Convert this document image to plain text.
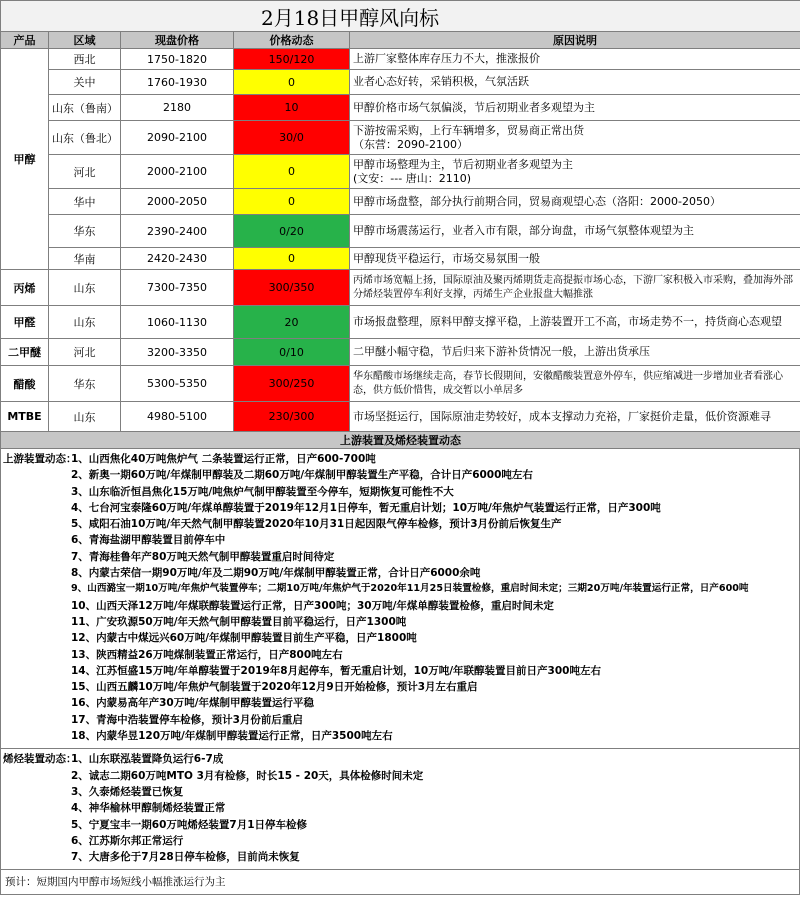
2月18日甲醇风向标				
产品	区域	现盘价格	价格动态	原因说明
甲醇	西北	1750-1820	150/120	上游厂家整体库存压力不大，推涨报价
	关中	1760-1930	0	业者心态好转，采销积极，气氛活跃
	山东（鲁南）	2180	10	甲醇价格市场气氛偏淡，节后初期业者多观望为主
	山东（鲁北）	2090-2100	30/0	下游按需采购，上行车辆增多，贸易商正常出货
（东营：2090-2100）
	河北	2000-2100	0	甲醇市场整理为主，节后初期业者多观望为主
(文安：--- 唐山：2110)
	华中	2000-2050	0	甲醇市场盘整，部分执行前期合同，贸易商观望心态（洛阳：2000-2050）
	华东	2390-2400	0/20	甲醇市场震荡运行，业者入市有限，部分询盘，市场气氛整体观望为主
	华南	2420-2430	0	甲醇现货平稳运行，市场交易氛围一般
丙烯	山东	7300-7350	300/350	丙烯市场宽幅上扬，国际原油及聚丙烯期货走高提振市场心态，下游厂家积极入市采购，叠加海外部分烯烃装置停车利好支撑，丙烯生产企业报盘大幅推涨
甲醛	山东	1060-1130	20	市场报盘整理，原料甲醇支撑平稳，上游装置开工不高，市场走势不一，持货商心态观望
二甲醚	河北	3200-3350	0/10	二甲醚小幅守稳，节后归来下游补货情况一般，上游出货承压
醋酸	华东	5300-5350	300/250	华东醋酸市场继续走高，春节长假期间，安徽醋酸装置意外停车，供应缩减进一步增加业者看涨心态，供方低价惜售，成交暂以小单居多
MTBE	山东	4980-5100	230/300	市场坚挺运行，国际原油走势较好，成本支撑动力充裕，厂家挺价走量，低价资源难寻
上游装置及烯烃装置动态				
上游装置动态：1、山西焦化40万吨焦炉气 二条装置运行正常，日产600-700吨
2、新奥一期60万吨/年煤制甲醇装及二期60万吨/年煤制甲醇装置生产平稳，合计日产6000吨左右
3、山东临沂恒昌焦化15万吨/吨焦炉气制甲醇装置至今停车，短期恢复可能性不大
4、七台河宝泰隆60万吨/年煤单醇装置于2019年12月1日停车，暂无重启计划；10万吨/年焦炉气装置运行正常，日产300吨
5、咸阳石油10万吨/年天然气制甲醇装置2020年10月31日起因限气停车检修，预计3月份前后恢复生产
6、青海盐湖甲醇装置目前停车中
7、青海桂鲁年产80万吨天然气制甲醇装置重启时间待定
8、内蒙古荣信一期90万吨/年及二期90万吨/年煤制甲醇装置正常，合计日产6000余吨
9、山西潞宝一期10万吨/年焦炉气装置停车；二期10万吨/年焦炉气于2020年11月25日装置检修，重启时间未定；三期20万吨/年装置运行正常，日产600吨
10、山西天泽12万吨/年煤联醇装置运行正常，日产300吨；30万吨/年煤单醇装置检修，重启时间未定
11、广安玖源50万吨/年天然气制甲醇装置目前平稳运行，日产1300吨
12、内蒙古中煤远兴60万吨/年煤制甲醇装置目前生产平稳，日产1800吨
13、陕西精益26万吨煤制装置正常运行，日产800吨左右
14、江苏恒盛15万吨/年单醇装置于2019年8月起停车，暂无重启计划，10万吨/年联醇装置目前日产300吨左右
15、山西五麟10万吨/年焦炉气制装置于2020年12月9日开始检修，预计3月左右重启
16、内蒙易高年产30万吨/年煤制甲醇装置运行平稳
17、青海中浩装置停车检修，预计3月份前后重启
18、内蒙华昱120万吨/年煤制甲醇装置运行正常，日产3500吨左右
烯烃装置动态：1、山东联泓装置降负运行6-7成
2、诚志二期60万吨MTO 3月有检修，时长15 - 20天，具体检修时间未定
3、久泰烯烃装置已恢复
4、神华榆林甲醇制烯烃装置正常
5、宁夏宝丰一期60万吨烯烃装置7月1日停车检修
6、江苏斯尔邦正常运行
7、大唐多伦于7月28日停车检修，目前尚未恢复
预计：短期国内甲醇市场短线小幅推涨运行为主
